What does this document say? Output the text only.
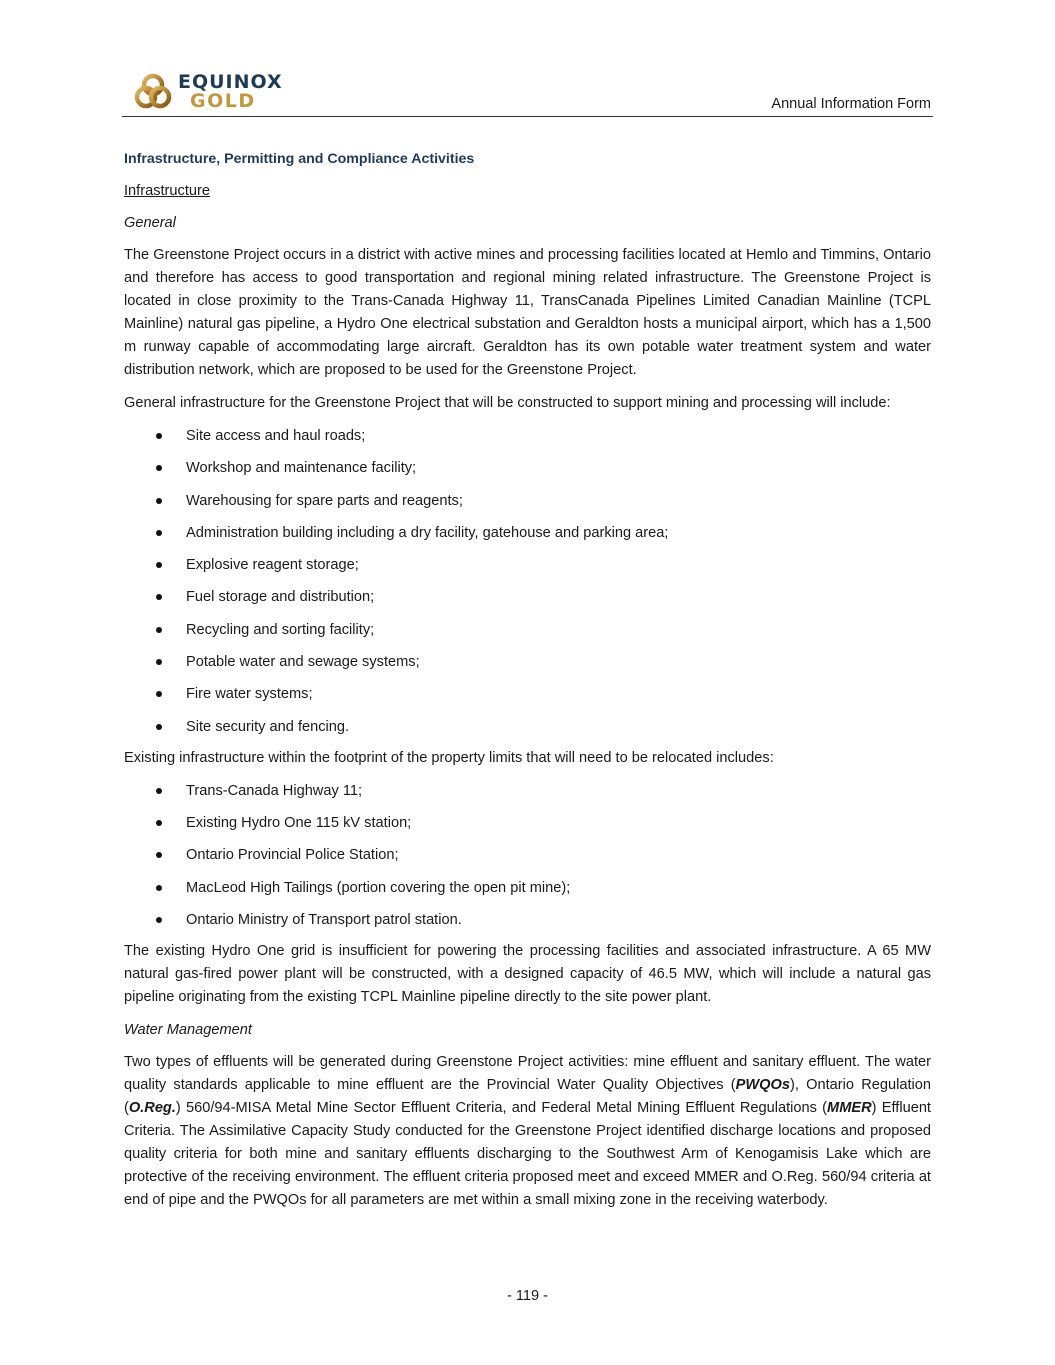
EQUINOX
GOLD	Annual Information Form
Infrastructure, Permitting and Compliance Activities
Infrastructure
General

The Greenstone Project occurs in a district with active mines and processing facilities located at Hemlo and Timmins, Ontario and therefore has access to good transportation and regional mining related infrastructure. The Greenstone Project is located in close proximity to the Trans-Canada Highway 11, TransCanada Pipelines Limited Canadian Mainline (TCPL Mainline) natural gas pipeline, a Hydro One electrical substation and Geraldton hosts a municipal airport, which has a 1,500 m runway capable of accommodating large aircraft. Geraldton has its own potable water treatment system and water distribution network, which are proposed to be used for the Greenstone Project.

General infrastructure for the Greenstone Project that will be constructed to support mining and processing will include:

Site access and haul roads;
Workshop and maintenance facility;
Warehousing for spare parts and reagents;
Administration building including a dry facility, gatehouse and parking area;
Explosive reagent storage;
Fuel storage and distribution;
Recycling and sorting facility;
Potable water and sewage systems;
Fire water systems;
Site security and fencing.

Existing infrastructure within the footprint of the property limits that will need to be relocated includes:

Trans-Canada Highway 11;
Existing Hydro One 115 kV station;
Ontario Provincial Police Station;
MacLeod High Tailings (portion covering the open pit mine);
Ontario Ministry of Transport patrol station.

The existing Hydro One grid is insufficient for powering the processing facilities and associated infrastructure. A 65 MW natural gas-fired power plant will be constructed, with a designed capacity of 46.5 MW, which will include a natural gas pipeline originating from the existing TCPL Mainline pipeline directly to the site power plant.

Water Management

Two types of effluents will be generated during Greenstone Project activities: mine effluent and sanitary effluent. The water quality standards applicable to mine effluent are the Provincial Water Quality Objectives (PWQOs), Ontario Regulation (O.Reg.) 560/94-MISA Metal Mine Sector Effluent Criteria, and Federal Metal Mining Effluent Regulations (MMER) Effluent Criteria. The Assimilative Capacity Study conducted for the Greenstone Project identified discharge locations and proposed quality criteria for both mine and sanitary effluents discharging to the Southwest Arm of Kenogamisis Lake which are protective of the receiving environment. The effluent criteria proposed meet and exceed MMER and O.Reg. 560/94 criteria at end of pipe and the PWQOs for all parameters are met within a small mixing zone in the receiving waterbody.

- 119 -
